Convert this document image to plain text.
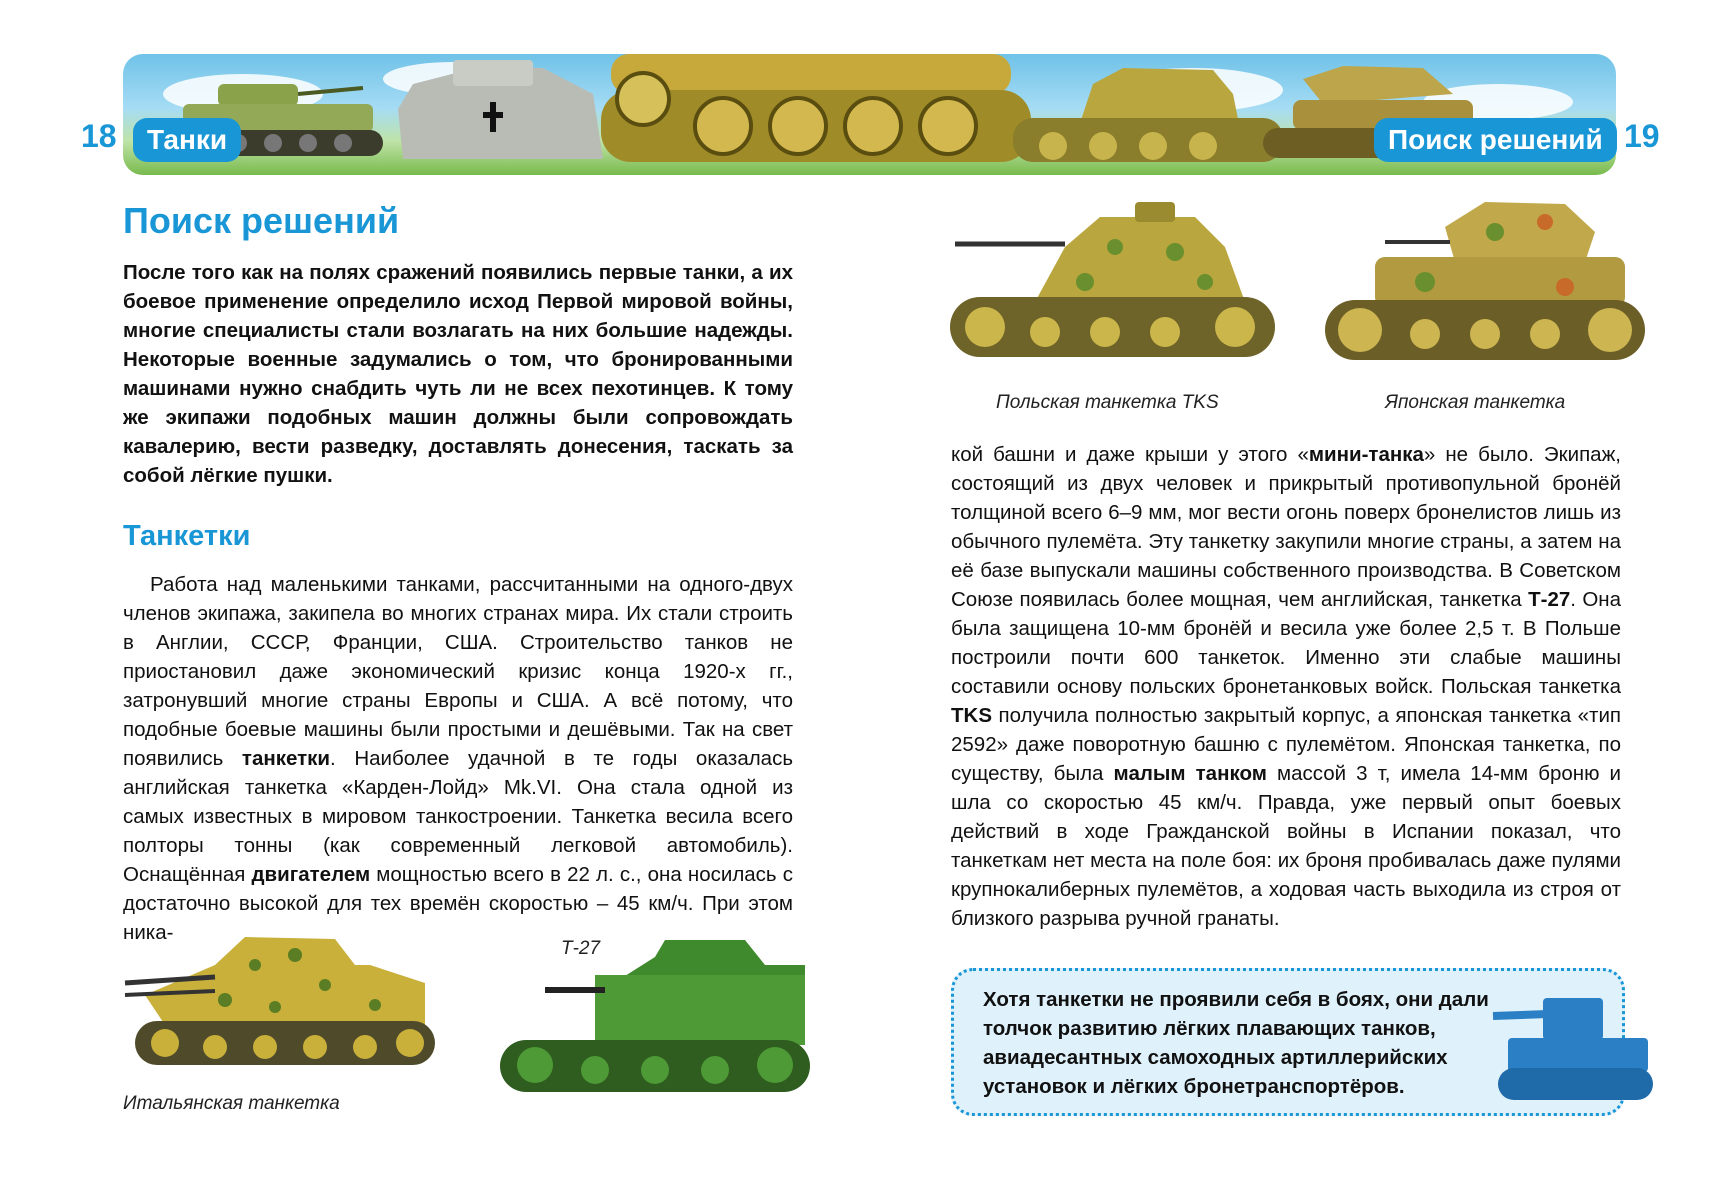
18	Танки	Поиск решений 19
Поиск решений

После того как на полях сражений появились первые танки, а их боевое применение определило исход Первой мировой войны, многие специалисты стали возлагать на них большие надежды. Некоторые военные задумались о том, что бронированными машинами нужно снабдить чуть ли не всех пехотинцев. К тому же экипажи подобных машин должны были сопровождать кавалерию, вести разведку, доставлять донесения, таскать за собой лёгкие пушки.

Танкетки

Работа над маленькими танками, рассчитанными на одного-двух членов экипажа, закипела во многих странах мира. Их стали строить в Англии, СССР, Франции, США. Строительство танков не приостановил даже экономический кризис конца 1920-х гг., затронувший многие страны Европы и США. А всё потому, что подобные боевые машины были простыми и дешёвыми. Так на свет появились танкетки. Наиболее удачной в те годы оказалась английская танкетка «Карден-Лойд» Mk.VI. Она стала одной из самых известных в мировом танкостроении. Танкетка весила всего полторы тонны (как современный легковой автомобиль). Оснащённая двигателем мощностью всего в 22 л. с., она носилась с достаточно высокой для тех времён скоростью – 45 км/ч. При этом ника-

Итальянская танкетка
Т-27
Польская танкетка TKS	Японская танкетка

кой башни и даже крыши у этого «мини-танка» не было. Экипаж, состоящий из двух человек и прикрытый противопульной бронёй толщиной всего 6–9 мм, мог вести огонь поверх бронелистов лишь из обычного пулемёта. Эту танкетку закупили многие страны, а затем на её базе выпускали машины собственного производства. В Советском Союзе появилась более мощная, чем английская, танкетка Т-27. Она была защищена 10-мм бронёй и весила уже более 2,5 т. В Польше построили почти 600 танкеток. Именно эти слабые машины составили основу польских бронетанковых войск. Польская танкетка TKS получила полностью закрытый корпус, а японская танкетка «тип 2592» даже поворотную башню с пулемётом. Японская танкетка, по существу, была малым танком массой 3 т, имела 14-мм броню и шла со скоростью 45 км/ч. Правда, уже первый опыт боевых действий в ходе Гражданской войны в Испании показал, что танкеткам нет места на поле боя: их броня пробивалась даже пулями крупнокалиберных пулемётов, а ходовая часть выходила из строя от близкого разрыва ручной гранаты.

Хотя танкетки не проявили себя в боях, они дали толчок развитию лёгких плавающих танков, авиадесантных самоходных артиллерийских установок и лёгких бронетранспортёров.
